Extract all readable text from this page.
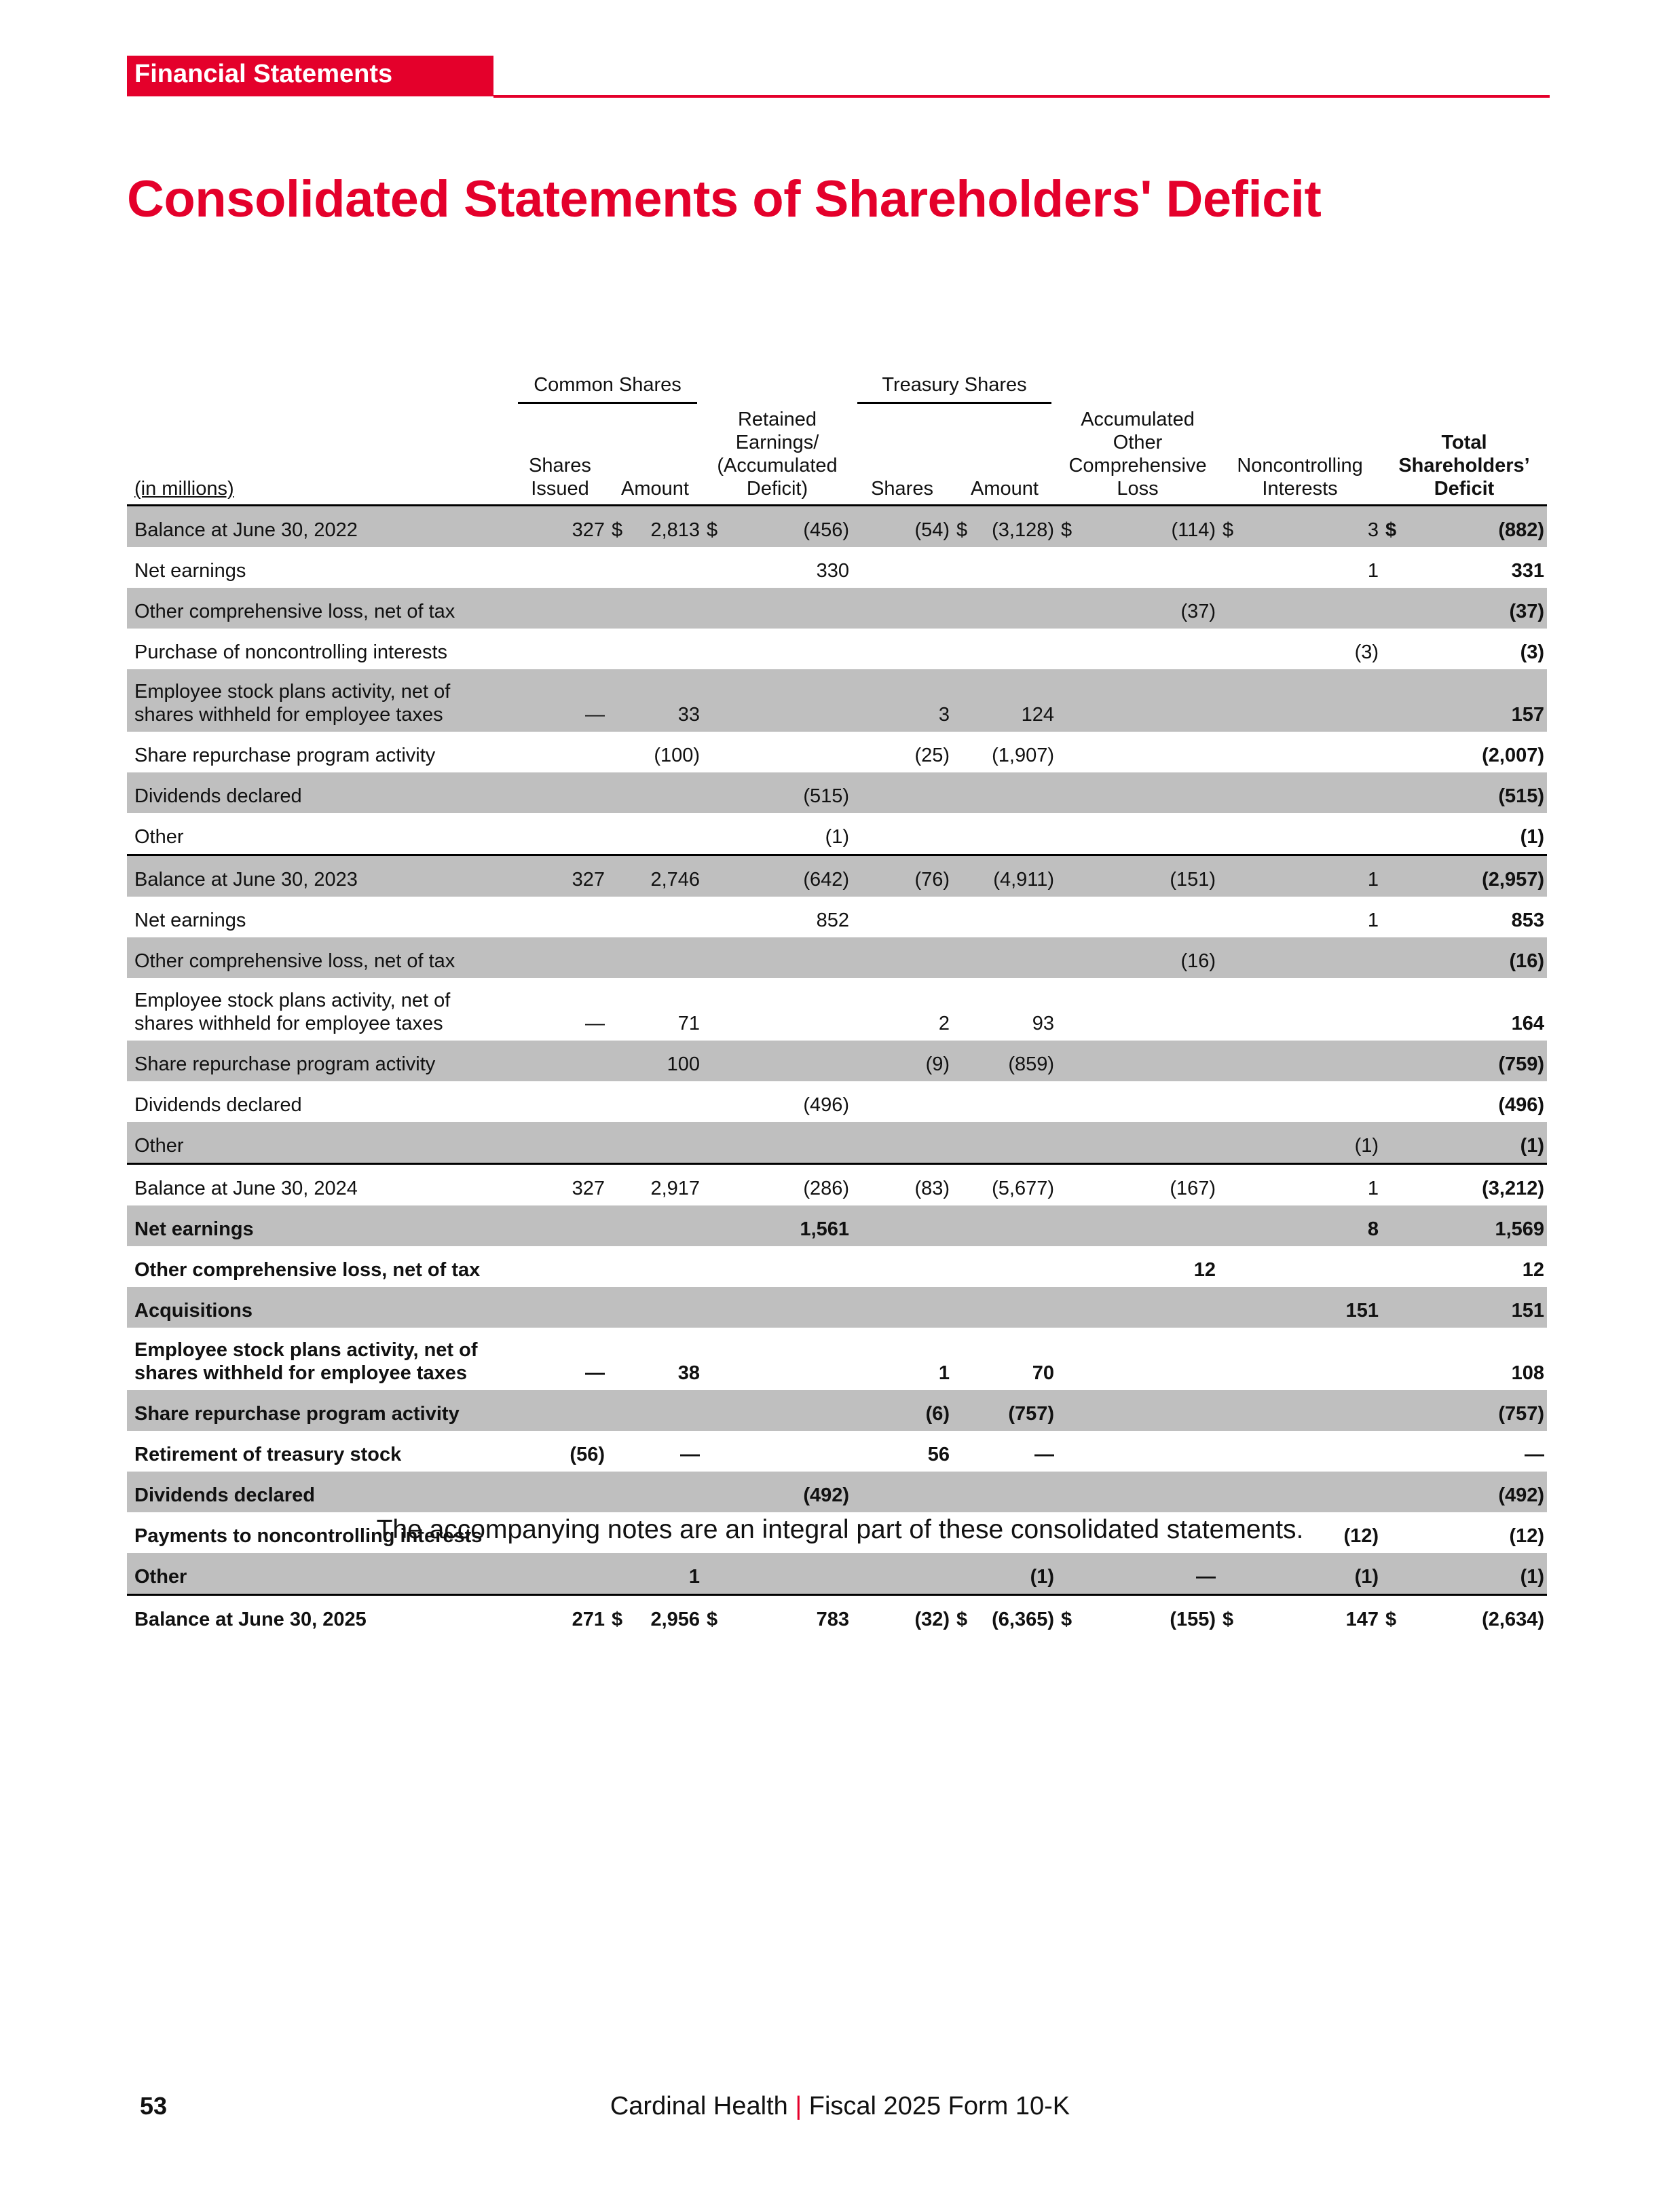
Financial Statements
Consolidated Statements of Shareholders' Deficit

	Common Shares					Treasury Shares								

(in millions)	Shares Issued	Amount		Retained Earnings/ (Accumulated Deficit)		Shares	Amount		Accumulated Other Comprehensive Loss		Noncontrolling Interests		Total Shareholders’ Deficit	
Balance at June 30, 2022	327	$	2,813	$	(456)	(54)	$	(3,128)	$	(114)	$	3	$	(882)
Net earnings					330							1		331
Other comprehensive loss, net of tax										(37)				(37)
Purchase of noncontrolling interests												(3)		(3)
Employee stock plans activity, net of shares withheld for employee taxes	—		33			3		124						157
Share repurchase program activity			(100)			(25)		(1,907)						(2,007)
Dividends declared					(515)									(515)
Other					(1)									(1)
Balance at June 30, 2023	327		2,746		(642)	(76)		(4,911)		(151)		1		(2,957)
Net earnings					852							1		853
Other comprehensive loss, net of tax										(16)				(16)
Employee stock plans activity, net of shares withheld for employee taxes	—		71			2		93						164
Share repurchase program activity			100			(9)		(859)						(759)
Dividends declared					(496)									(496)
Other												(1)		(1)
Balance at June 30, 2024	327		2,917		(286)	(83)		(5,677)		(167)		1		(3,212)
Net earnings					1,561							8		1,569
Other comprehensive loss, net of tax										12				12
Acquisitions												151		151
Employee stock plans activity, net of shares withheld for employee taxes	—		38			1		70						108
Share repurchase program activity						(6)		(757)						(757)
Retirement of treasury stock	(56)		—			56		—						—
Dividends declared					(492)									(492)
Payments to noncontrolling interests												(12)		(12)
Other			1					(1)		—		(1)		(1)
Balance at June 30, 2025	271	$	2,956	$	783	(32)	$	(6,365)	$	(155)	$	147	$	(2,634)
The accompanying notes are an integral part of these consolidated statements.
53	Cardinal Health | Fiscal 2025 Form 10-K
